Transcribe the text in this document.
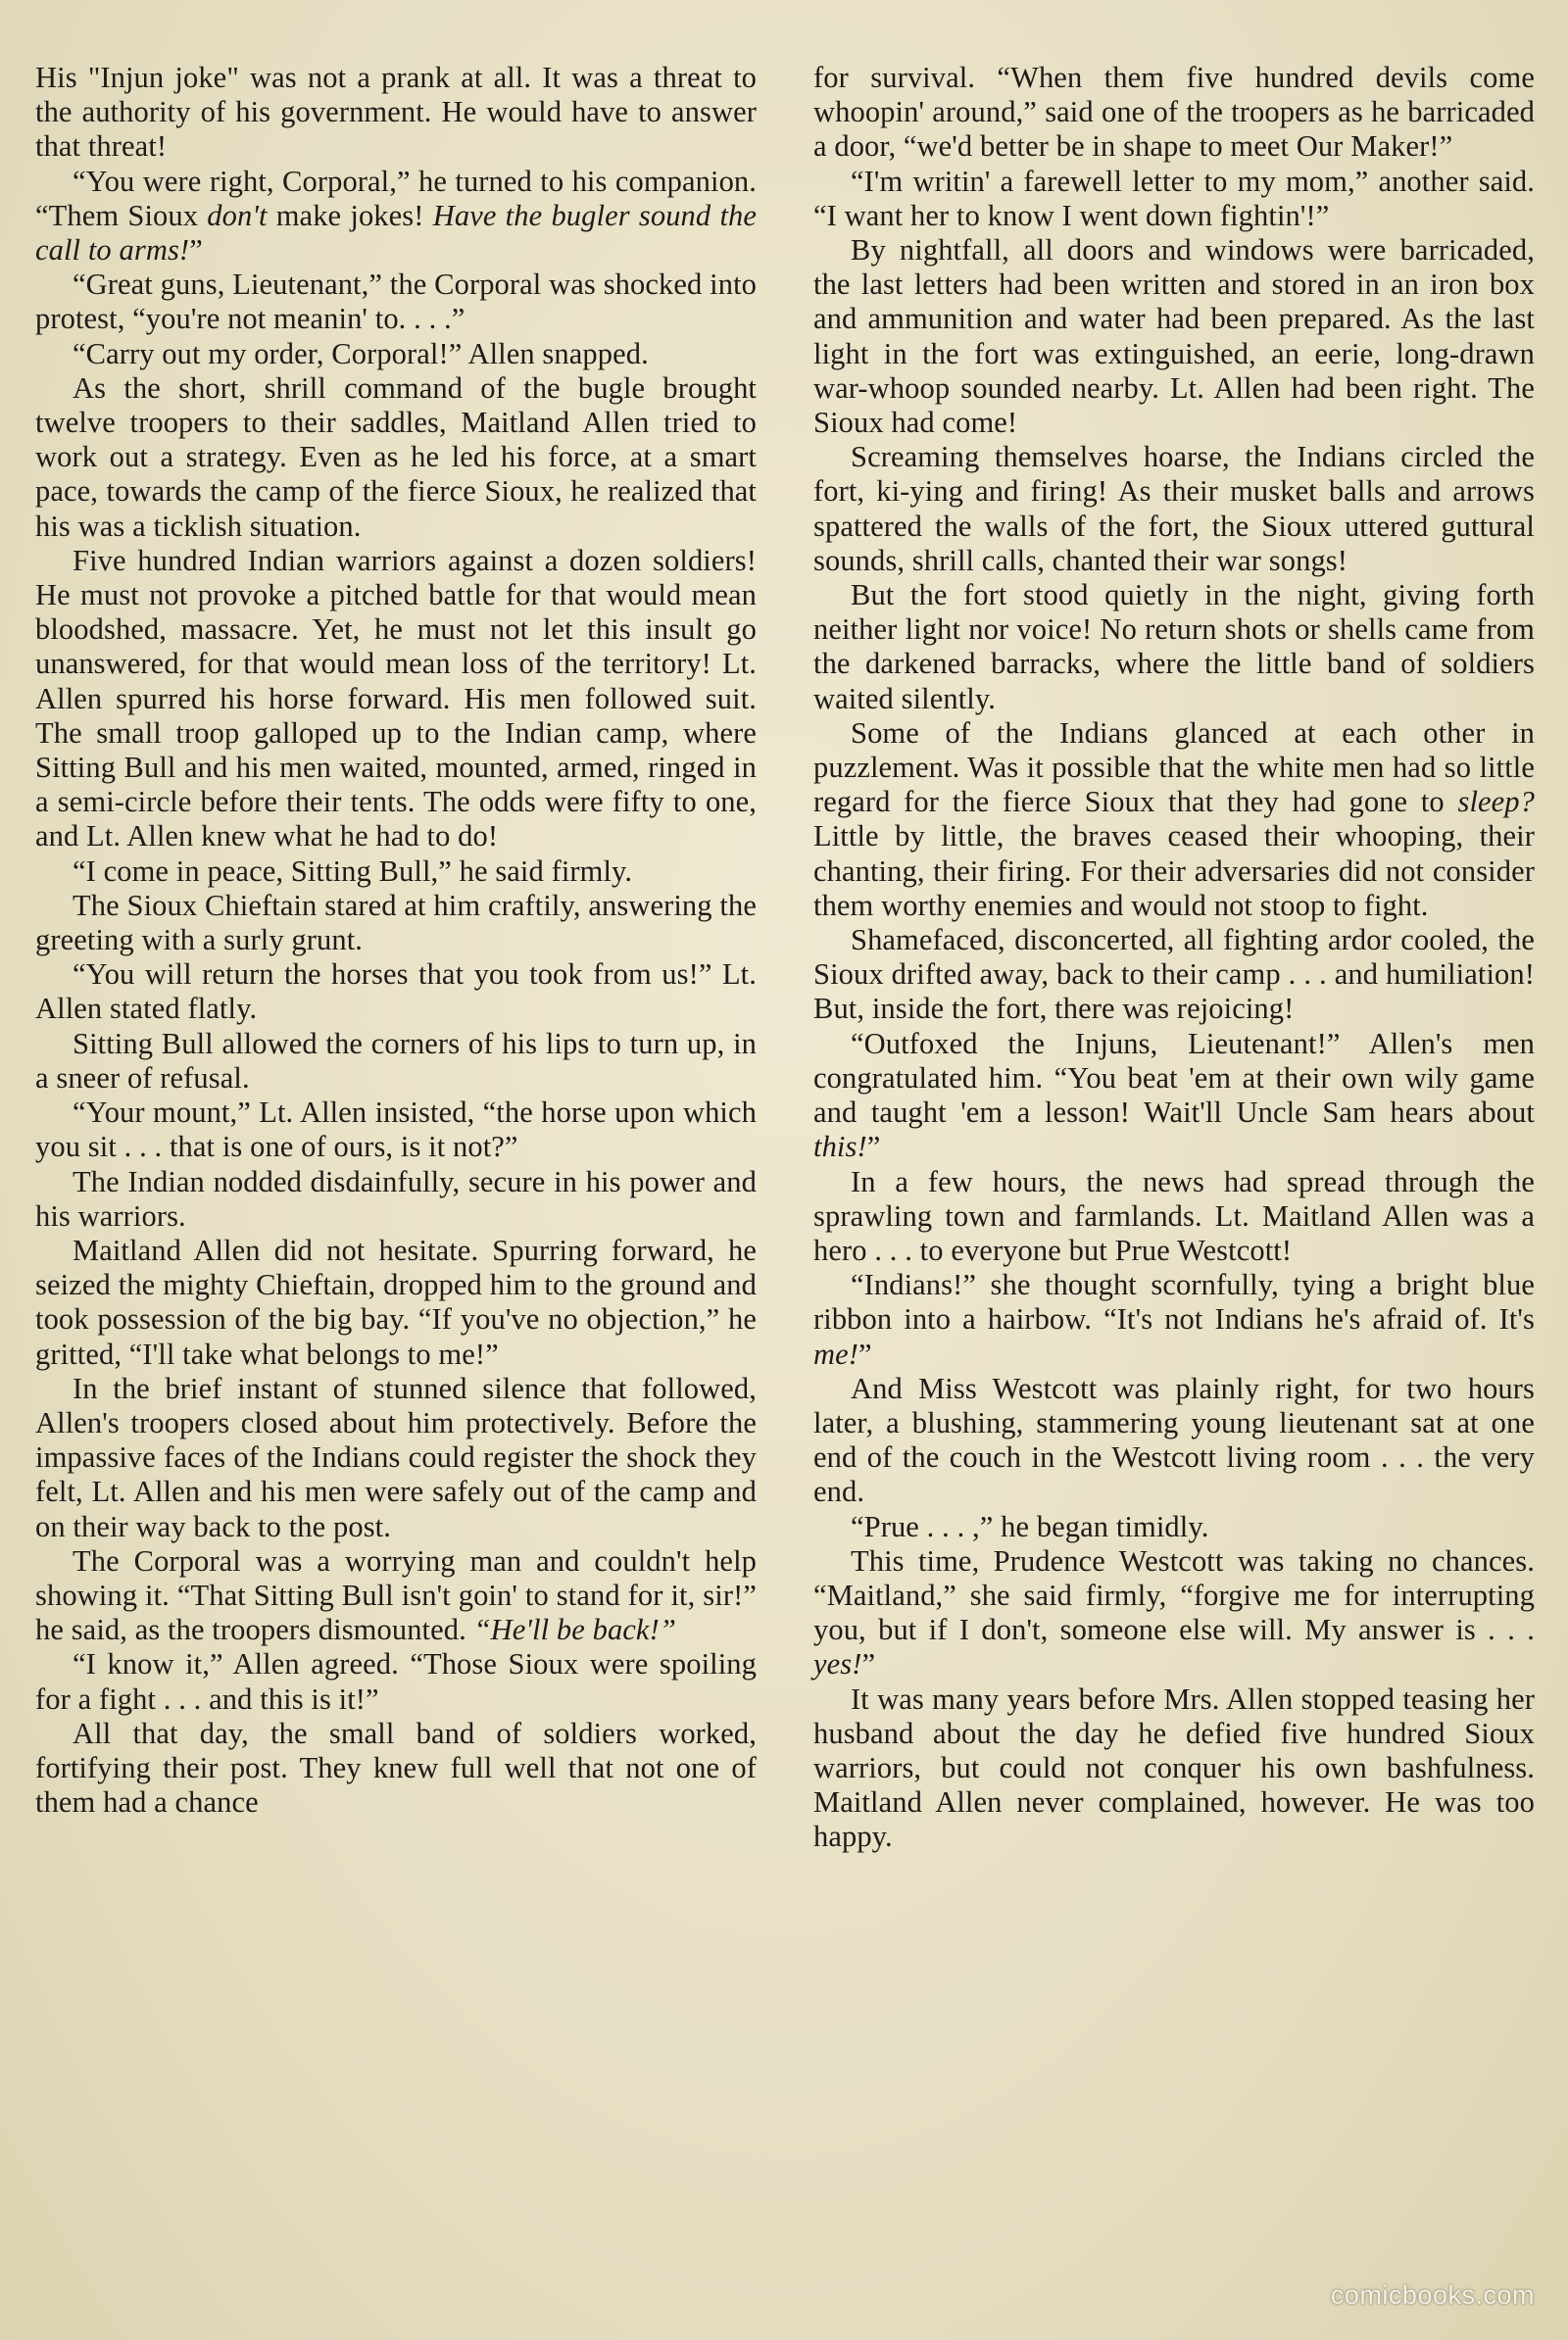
His "Injun joke" was not a prank at all. It was a threat to the authority of his government. He would have to answer that threat!

“You were right, Corporal,” he turned to his companion. “Them Sioux don't make jokes! Have the bugler sound the call to arms!”

“Great guns, Lieutenant,” the Corporal was shocked into protest, “you're not meanin' to. . . .”

“Carry out my order, Corporal!” Allen snapped.

As the short, shrill command of the bugle brought twelve troopers to their saddles, Maitland Allen tried to work out a strategy. Even as he led his force, at a smart pace, towards the camp of the fierce Sioux, he realized that his was a ticklish situation.

Five hundred Indian warriors against a dozen soldiers! He must not provoke a pitched battle for that would mean bloodshed, massacre. Yet, he must not let this insult go unanswered, for that would mean loss of the territory! Lt. Allen spurred his horse forward. His men followed suit. The small troop galloped up to the Indian camp, where Sitting Bull and his men waited, mounted, armed, ringed in a semi-circle before their tents. The odds were fifty to one, and Lt. Allen knew what he had to do!

“I come in peace, Sitting Bull,” he said firmly.

The Sioux Chieftain stared at him craftily, answering the greeting with a surly grunt.

“You will return the horses that you took from us!” Lt. Allen stated flatly.

Sitting Bull allowed the corners of his lips to turn up, in a sneer of refusal.

“Your mount,” Lt. Allen insisted, “the horse upon which you sit . . . that is one of ours, is it not?”

The Indian nodded disdainfully, secure in his power and his warriors.

Maitland Allen did not hesitate. Spurring forward, he seized the mighty Chieftain, dropped him to the ground and took possession of the big bay. “If you've no objection,” he gritted, “I'll take what belongs to me!”

In the brief instant of stunned silence that followed, Allen's troopers closed about him protectively. Before the impassive faces of the Indians could register the shock they felt, Lt. Allen and his men were safely out of the camp and on their way back to the post.

The Corporal was a worrying man and couldn't help showing it. “That Sitting Bull isn't goin' to stand for it, sir!” he said, as the troopers dismounted. “He'll be back!”

“I know it,” Allen agreed. “Those Sioux were spoiling for a fight . . . and this is it!”

All that day, the small band of soldiers worked, fortifying their post. They knew full well that not one of them had a chance

for survival. “When them five hundred devils come whoopin' around,” said one of the troopers as he barricaded a door, “we'd better be in shape to meet Our Maker!”

“I'm writin' a farewell letter to my mom,” another said. “I want her to know I went down fightin'!”

By nightfall, all doors and windows were barricaded, the last letters had been written and stored in an iron box and ammunition and water had been prepared. As the last light in the fort was extinguished, an eerie, long-drawn war-whoop sounded nearby. Lt. Allen had been right. The Sioux had come!

Screaming themselves hoarse, the Indians circled the fort, ki-ying and firing! As their musket balls and arrows spattered the walls of the fort, the Sioux uttered guttural sounds, shrill calls, chanted their war songs!

But the fort stood quietly in the night, giving forth neither light nor voice! No return shots or shells came from the darkened barracks, where the little band of soldiers waited silently.

Some of the Indians glanced at each other in puzzlement. Was it possible that the white men had so little regard for the fierce Sioux that they had gone to sleep? Little by little, the braves ceased their whooping, their chanting, their firing. For their adversaries did not consider them worthy enemies and would not stoop to fight.

Shamefaced, disconcerted, all fighting ardor cooled, the Sioux drifted away, back to their camp . . . and humiliation! But, inside the fort, there was rejoicing!

“Outfoxed the Injuns, Lieutenant!” Allen's men congratulated him. “You beat 'em at their own wily game and taught 'em a lesson! Wait'll Uncle Sam hears about this!”

In a few hours, the news had spread through the sprawling town and farmlands. Lt. Maitland Allen was a hero . . . to everyone but Prue Westcott!

“Indians!” she thought scornfully, tying a bright blue ribbon into a hairbow. “It's not Indians he's afraid of. It's me!”

And Miss Westcott was plainly right, for two hours later, a blushing, stammering young lieutenant sat at one end of the couch in the Westcott living room . . . the very end.

“Prue . . . ,” he began timidly.

This time, Prudence Westcott was taking no chances. “Maitland,” she said firmly, “forgive me for interrupting you, but if I don't, someone else will. My answer is . . . yes!”

It was many years before Mrs. Allen stopped teasing her husband about the day he defied five hundred Sioux warriors, but could not conquer his own bashfulness. Maitland Allen never complained, however. He was too happy.

comicbooks.com
